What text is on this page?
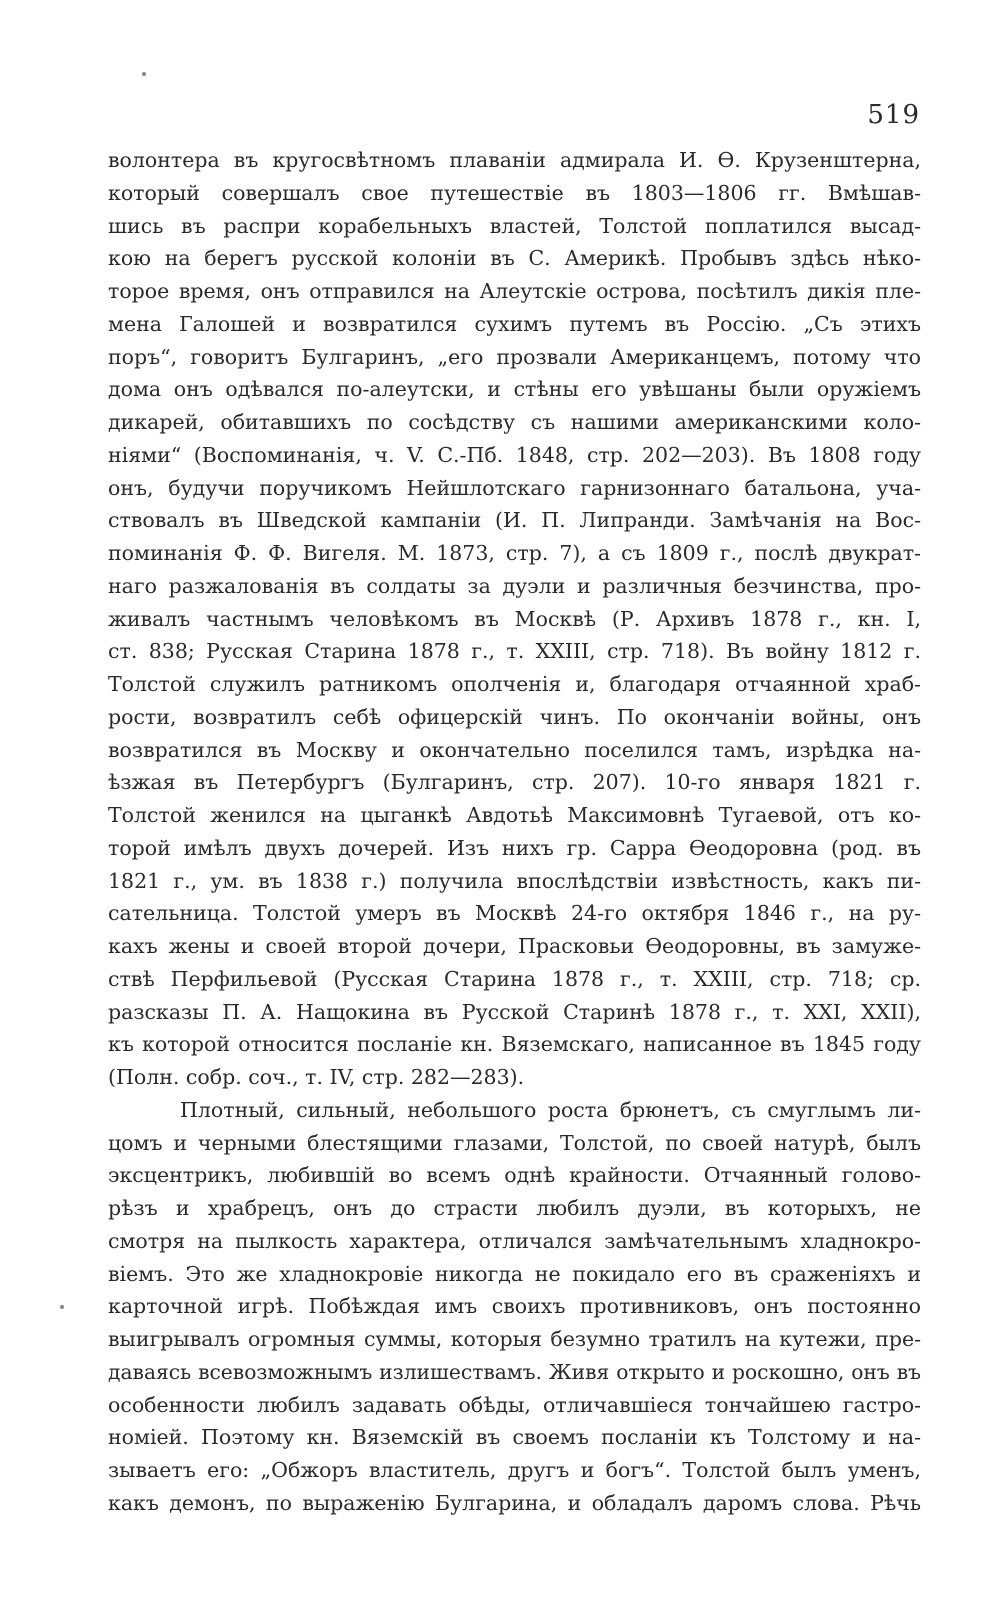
519
волонтера въ кругосвѣтномъ плаваніи адмирала И. Ѳ. Крузенштерна,
который совершалъ свое путешествіе въ 1803—1806 гг. Вмѣшав-
шись въ распри корабельныхъ властей, Толстой поплатился высад-
кою на берегъ русской колоніи въ С. Америкѣ. Пробывъ здѣсь нѣко-
торое время, онъ отправился на Алеутскіе острова, посѣтилъ дикія пле-
мена Галошей и возвратился сухимъ путемъ въ Россію. „Съ этихъ
поръ“, говоритъ Булгаринъ, „его прозвали Американцемъ, потому что
дома онъ одѣвался по-алеутски, и стѣны его увѣшаны были оружіемъ
дикарей, обитавшихъ по сосѣдству съ нашими американскими коло-
ніями“ (Воспоминанія, ч. V. С.-Пб. 1848, стр. 202—203). Въ 1808 году
онъ, будучи поручикомъ Нейшлотскаго гарнизоннаго батальона, уча-
ствовалъ въ Шведской кампаніи (И. П. Липранди. Замѣчанія на Вос-
поминанія Ф. Ф. Вигеля. М. 1873, стр. 7), а съ 1809 г., послѣ двукрат-
наго разжалованія въ солдаты за дуэли и различныя безчинства, про-
живалъ частнымъ человѣкомъ въ Москвѣ (Р. Архивъ 1878 г., кн. I,
ст. 838; Русская Старина 1878 г., т. XXIII, стр. 718). Въ войну 1812 г.
Толстой служилъ ратникомъ ополченія и, благодаря отчаянной храб-
рости, возвратилъ себѣ офицерскій чинъ. По окончаніи войны, онъ
возвратился въ Москву и окончательно поселился тамъ, изрѣдка на-
ѣзжая въ Петербургъ (Булгаринъ, стр. 207). 10-го января 1821 г.
Толстой женился на цыганкѣ Авдотьѣ Максимовнѣ Тугаевой, отъ ко-
торой имѣлъ двухъ дочерей. Изъ нихъ гр. Сарра Ѳеодоровна (род. въ
1821 г., ум. въ 1838 г.) получила впослѣдствіи извѣстность, какъ пи-
сательница. Толстой умеръ въ Москвѣ 24-го октября 1846 г., на ру-
кахъ жены и своей второй дочери, Прасковьи Ѳеодоровны, въ замуже-
ствѣ Перфильевой (Русская Старина 1878 г., т. XXIII, стр. 718; ср.
разсказы П. А. Нащокина въ Русской Старинѣ 1878 г., т. XXI, XXII),
къ которой относится посланіе кн. Вяземскаго, написанное въ 1845 году
(Полн. собр. соч., т. IV, стр. 282—283).
Плотный, сильный, небольшого роста брюнетъ, съ смуглымъ ли-
цомъ и черными блестящими глазами, Толстой, по своей натурѣ, былъ
эксцентрикъ, любившій во всемъ однѣ крайности. Отчаянный голово-
рѣзъ и храбрецъ, онъ до страсти любилъ дуэли, въ которыхъ, не
смотря на пылкость характера, отличался замѣчательнымъ хладнокро-
віемъ. Это же хладнокровіе никогда не покидало его въ сраженіяхъ и
карточной игрѣ. Побѣждая имъ своихъ противниковъ, онъ постоянно
выигрывалъ огромныя суммы, которыя безумно тратилъ на кутежи, пре-
даваясь всевозможнымъ излишествамъ. Живя открыто и роскошно, онъ въ
особенности любилъ задавать обѣды, отличавшіеся тончайшею гастро-
номіей. Поэтому кн. Вяземскій въ своемъ посланіи къ Толстому и на-
зываетъ его: „Обжоръ властитель, другъ и богъ“. Толстой былъ уменъ,
какъ демонъ, по выраженію Булгарина, и обладалъ даромъ слова. Рѣчь
